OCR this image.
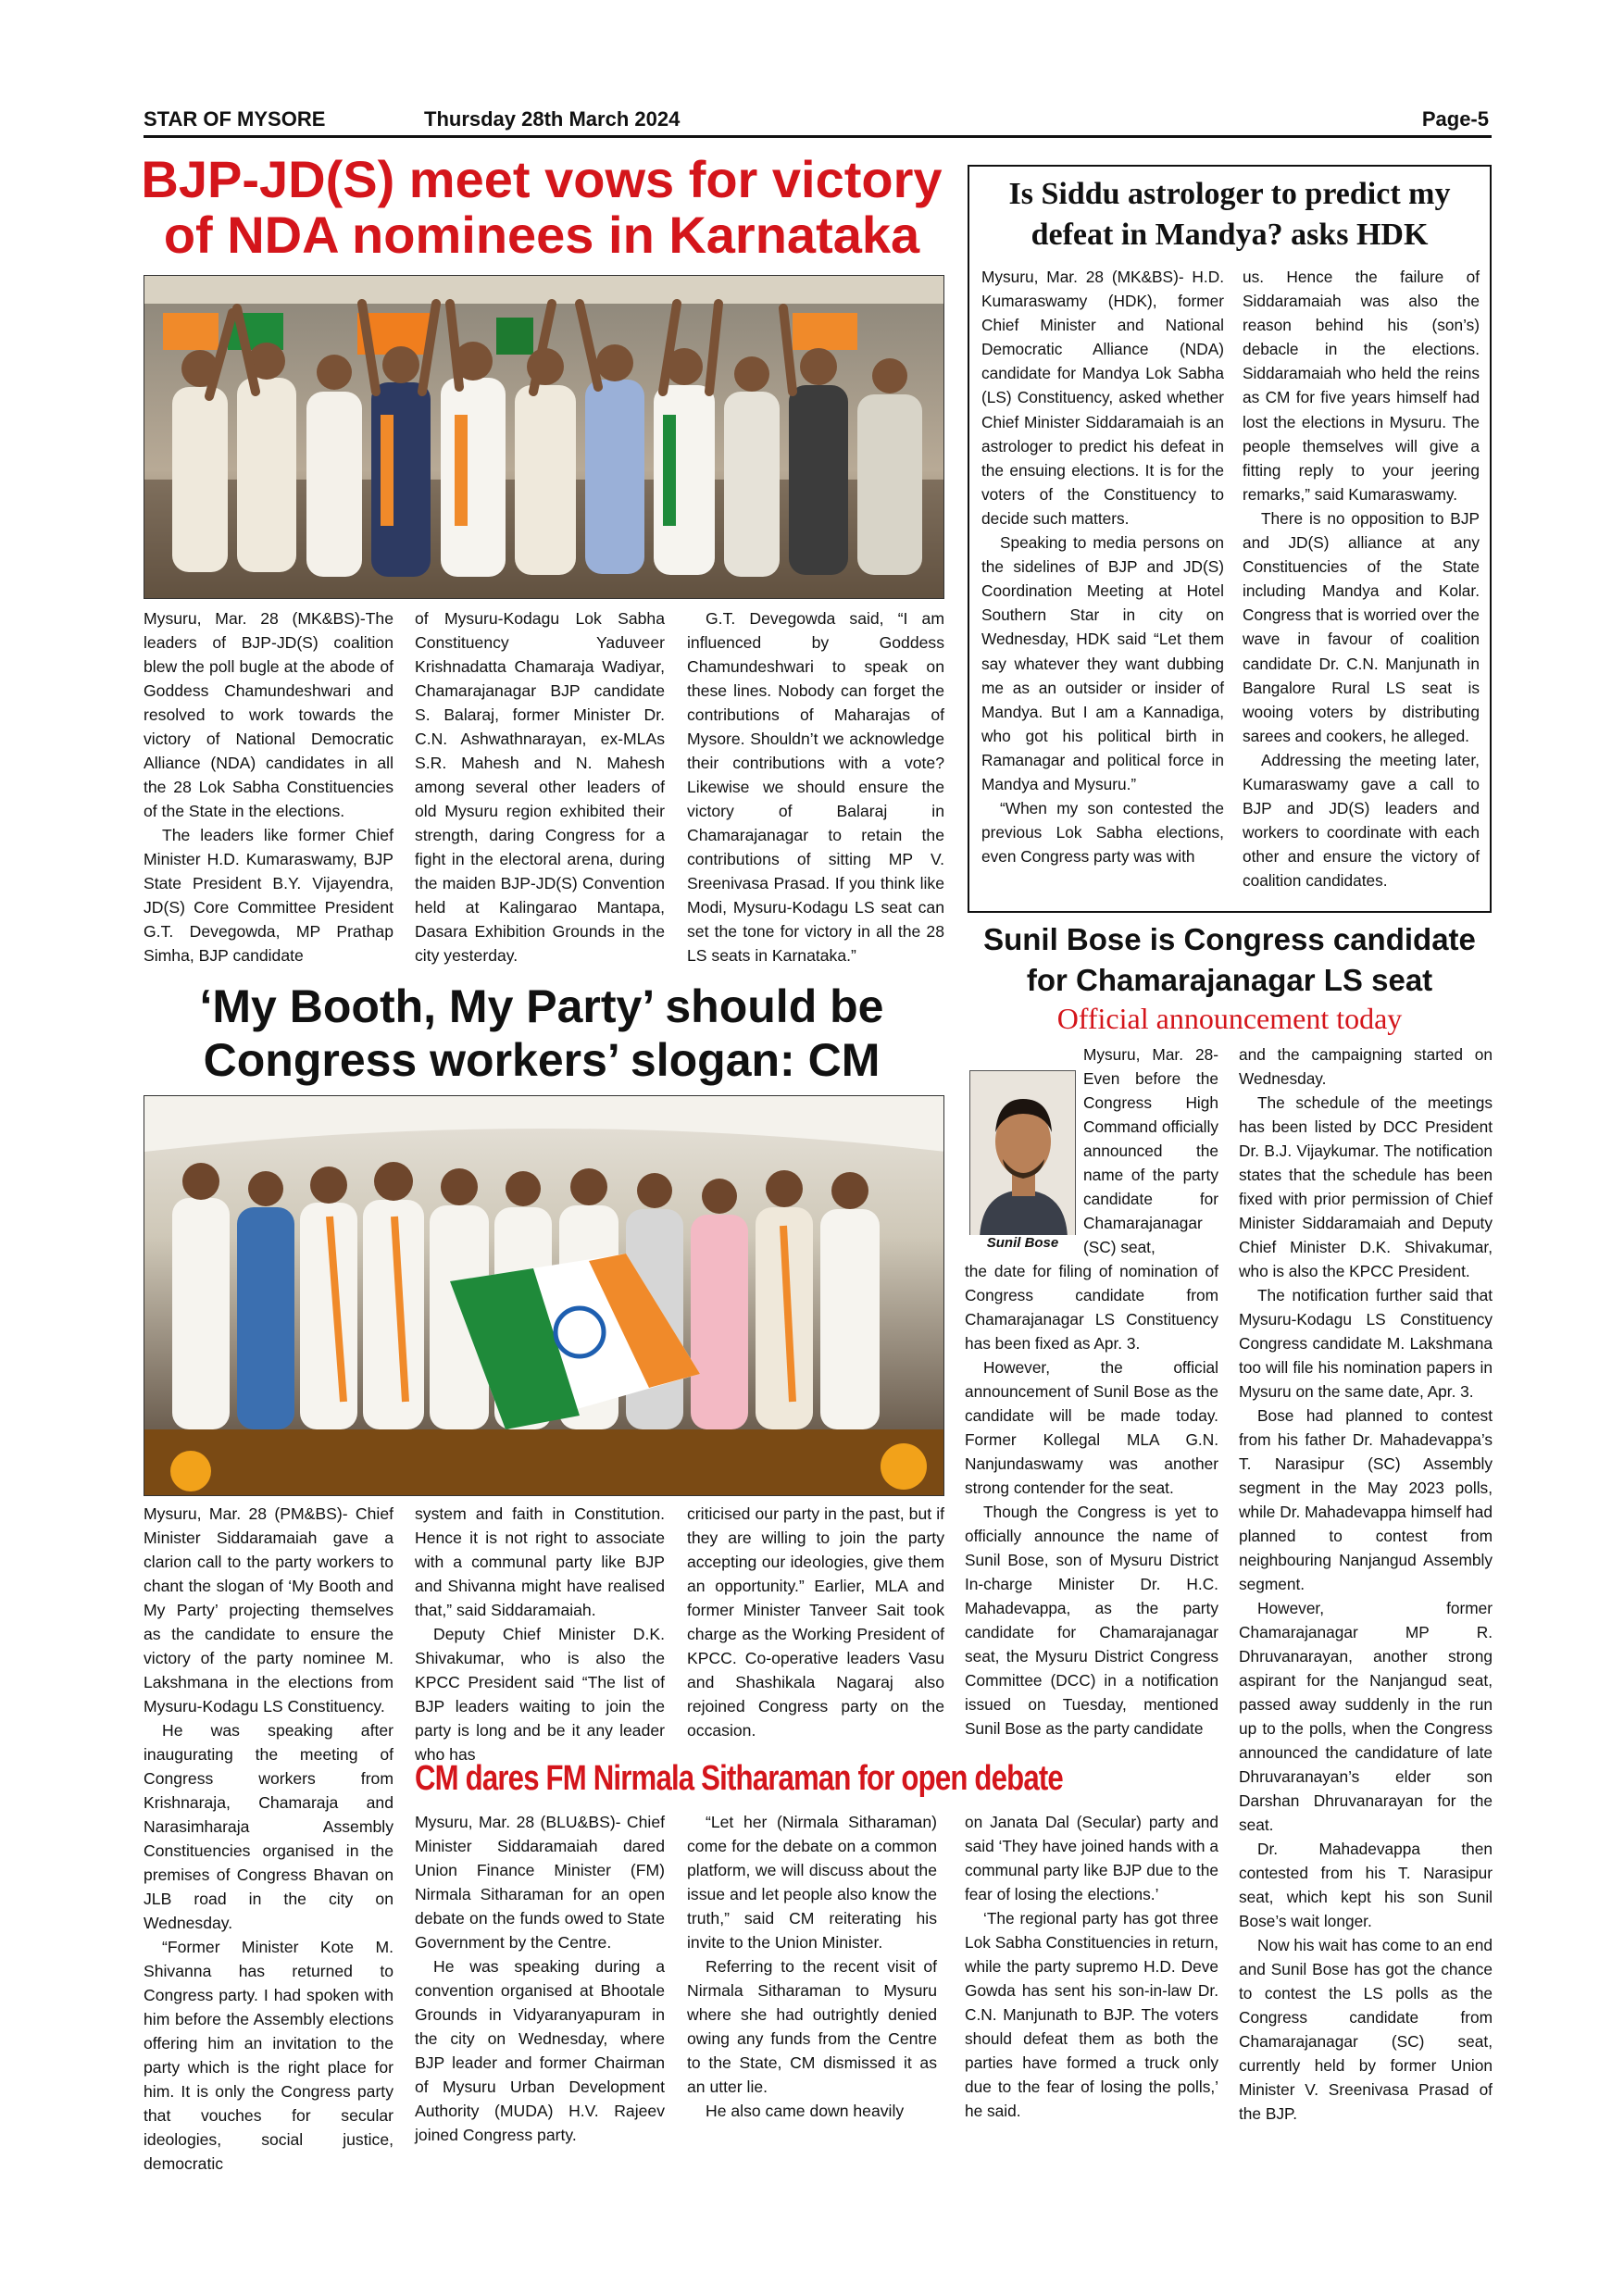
STAR OF MYSORE	Thursday 28th March 2024	Page-5
BJP-JD(S) meet vows for victory of NDA nominees in Karnataka

Mysuru, Mar. 28 (MK&BS)-The leaders of BJP-JD(S) coalition blew the poll bugle at the abode of Goddess Chamundeshwari and resolved to work towards the victory of National Democratic Alliance (NDA) candidates in all the 28 Lok Sabha Constituencies of the State in the elections.

The leaders like former Chief Minister H.D. Kumaraswamy, BJP State President B.Y. Vijayendra, JD(S) Core Committee President G.T. Devegowda, MP Prathap Simha, BJP candidate

of Mysuru-Kodagu Lok Sabha Constituency Yaduveer Krishnadatta Chamaraja Wadiyar, Chamarajanagar BJP candidate S. Balaraj, former Minister Dr. C.N. Ashwathnarayan, ex-MLAs S.R. Mahesh and N. Mahesh among several other leaders of old Mysuru region exhibited their strength, daring Congress for a fight in the electoral arena, during the maiden BJP-JD(S) Convention held at Kalingarao Mantapa, Dasara Exhibition Grounds in the city yesterday.

G.T. Devegowda said, “I am influenced by Goddess Chamundeshwari to speak on these lines. Nobody can forget the contributions of Maharajas of Mysore. Shouldn’t we acknowledge their contributions with a vote? Likewise we should ensure the victory of Balaraj in Chamarajanagar to retain the contributions of sitting MP V. Sreenivasa Prasad. If you think like Modi, Mysuru-Kodagu LS seat can set the tone for victory in all the 28 LS seats in Karnataka.”

Is Siddu astrologer to predict my defeat in Mandya? asks HDK

Mysuru, Mar. 28 (MK&BS)- H.D. Kumaraswamy (HDK), former Chief Minister and National Democratic Alliance (NDA) candidate for Mandya Lok Sabha (LS) Constituency, asked whether Chief Minister Siddaramaiah is an astrologer to predict his defeat in the ensuing elections. It is for the voters of the Constituency to decide such matters.

Speaking to media persons on the sidelines of BJP and JD(S) Coordination Meeting at Hotel Southern Star in city on Wednesday, HDK said “Let them say whatever they want dubbing me as an outsider or insider of Mandya. But I am a Kannadiga, who got his political birth in Ramanagar and political force in Mandya and Mysuru.”

“When my son contested the previous Lok Sabha elections, even Congress party was with

us. Hence the failure of Siddaramaiah was also the reason behind his (son’s) debacle in the elections. Siddaramaiah who held the reins as CM for five years himself had lost the elections in Mysuru. The people themselves will give a fitting reply to your jeering remarks,” said Kumaraswamy.

There is no opposition to BJP and JD(S) alliance at any Constituencies of the State including Mandya and Kolar. Congress that is worried over the wave in favour of coalition candidate Dr. C.N. Manjunath in Bangalore Rural LS seat is wooing voters by distributing sarees and cookers, he alleged.

Addressing the meeting later, Kumaraswamy gave a call to BJP and JD(S) leaders and workers to coordinate with each other and ensure the victory of coalition candidates.

‘My Booth, My Party’ should be Congress workers’ slogan: CM

Mysuru, Mar. 28 (PM&BS)- Chief Minister Siddaramaiah gave a clarion call to the party workers to chant the slogan of ‘My Booth and My Party’ projecting themselves as the candidate to ensure the victory of the party nominee M. Lakshmana in the elections from Mysuru-Kodagu LS Constituency.

He was speaking after inaugurating the meeting of Congress workers from Krishnaraja, Chamaraja and Narasimharaja Assembly Constituencies organised in the premises of Congress Bhavan on JLB road in the city on Wednesday.

“Former Minister Kote M. Shivanna has returned to Congress party. I had spoken with him before the Assembly elections offering him an invitation to the party which is the right place for him. It is only the Congress party that vouches for secular ideologies, social justice, democratic

system and faith in Constitution. Hence it is not right to associate with a communal party like BJP and Shivanna might have realised that,” said Siddaramaiah.

Deputy Chief Minister D.K. Shivakumar, who is also the KPCC President said “The list of BJP leaders waiting to join the party is long and be it any leader who has

criticised our party in the past, but if they are willing to join the party accepting our ideologies, give them an opportunity.” Earlier, MLA and former Minister Tanveer Sait took charge as the Working President of KPCC. Co-operative leaders Vasu and Shashikala Nagaraj also rejoined Congress party on the occasion.

Sunil Bose is Congress candidate for Chamarajanagar LS seat
Official announcement today
Sunil Bose

Mysuru, Mar. 28- Even before the Congress High Command officially announced the name of the party candidate for Chamarajanagar (SC) seat,

the date for filing of nomination of Congress candidate from Chamarajanagar LS Constituency has been fixed as Apr. 3.

However, the official announcement of Sunil Bose as the candidate will be made today. Former Kollegal MLA G.N. Nanjundaswamy was another strong contender for the seat.

Though the Congress is yet to officially announce the name of Sunil Bose, son of Mysuru District In-charge Minister Dr. H.C. Mahadevappa, as the party candidate for Chamarajanagar seat, the Mysuru District Congress Committee (DCC) in a notification issued on Tuesday, mentioned Sunil Bose as the party candidate

and the campaigning started on Wednesday.

The schedule of the meetings has been listed by DCC President Dr. B.J. Vijaykumar. The notification states that the schedule has been fixed with prior permission of Chief Minister Siddaramaiah and Deputy Chief Minister D.K. Shivakumar, who is also the KPCC President.

The notification further said that Mysuru-Kodagu LS Constituency Congress candidate M. Lakshmana too will file his nomination papers in Mysuru on the same date, Apr. 3.

Bose had planned to contest from his father Dr. Mahadevappa’s T. Narasipur (SC) Assembly segment in the May 2023 polls, while Dr. Mahadevappa himself had planned to contest from neighbouring Nanjangud Assembly segment.

However, former Chamarajanagar MP R. Dhruvanarayan, another strong aspirant for the Nanjangud seat, passed away suddenly in the run up to the polls, when the Congress announced the candidature of late Dhruvaranayan’s elder son Darshan Dhruvanarayan for the seat.

Dr. Mahadevappa then contested from his T. Narasipur seat, which kept his son Sunil Bose’s wait longer.

Now his wait has come to an end and Sunil Bose has got the chance to contest the LS polls as the Congress candidate from Chamarajanagar (SC) seat, currently held by former Union Minister V. Sreenivasa Prasad of the BJP.

CM dares FM Nirmala Sitharaman for open debate

Mysuru, Mar. 28 (BLU&BS)- Chief Minister Siddaramaiah dared Union Finance Minister (FM) Nirmala Sitharaman for an open debate on the funds owed to State Government by the Centre.

He was speaking during a convention organised at Bhootale Grounds in Vidyaranyapuram in the city on Wednesday, where BJP leader and former Chairman of Mysuru Urban Development Authority (MUDA) H.V. Rajeev joined Congress party.

“Let her (Nirmala Sitharaman) come for the debate on a common platform, we will discuss about the issue and let people also know the truth,” said CM reiterating his invite to the Union Minister.

Referring to the recent visit of Nirmala Sitharaman to Mysuru where she had outrightly denied owing any funds from the Centre to the State, CM dismissed it as an utter lie.

He also came down heavily

on Janata Dal (Secular) party and said ‘They have joined hands with a communal party like BJP due to the fear of losing the elections.’

‘The regional party has got three Lok Sabha Constituencies in return, while the party supremo H.D. Deve Gowda has sent his son-in-law Dr. C.N. Manjunath to BJP. The voters should defeat them as both the parties have formed a truck only due to the fear of losing the polls,’ he said.
